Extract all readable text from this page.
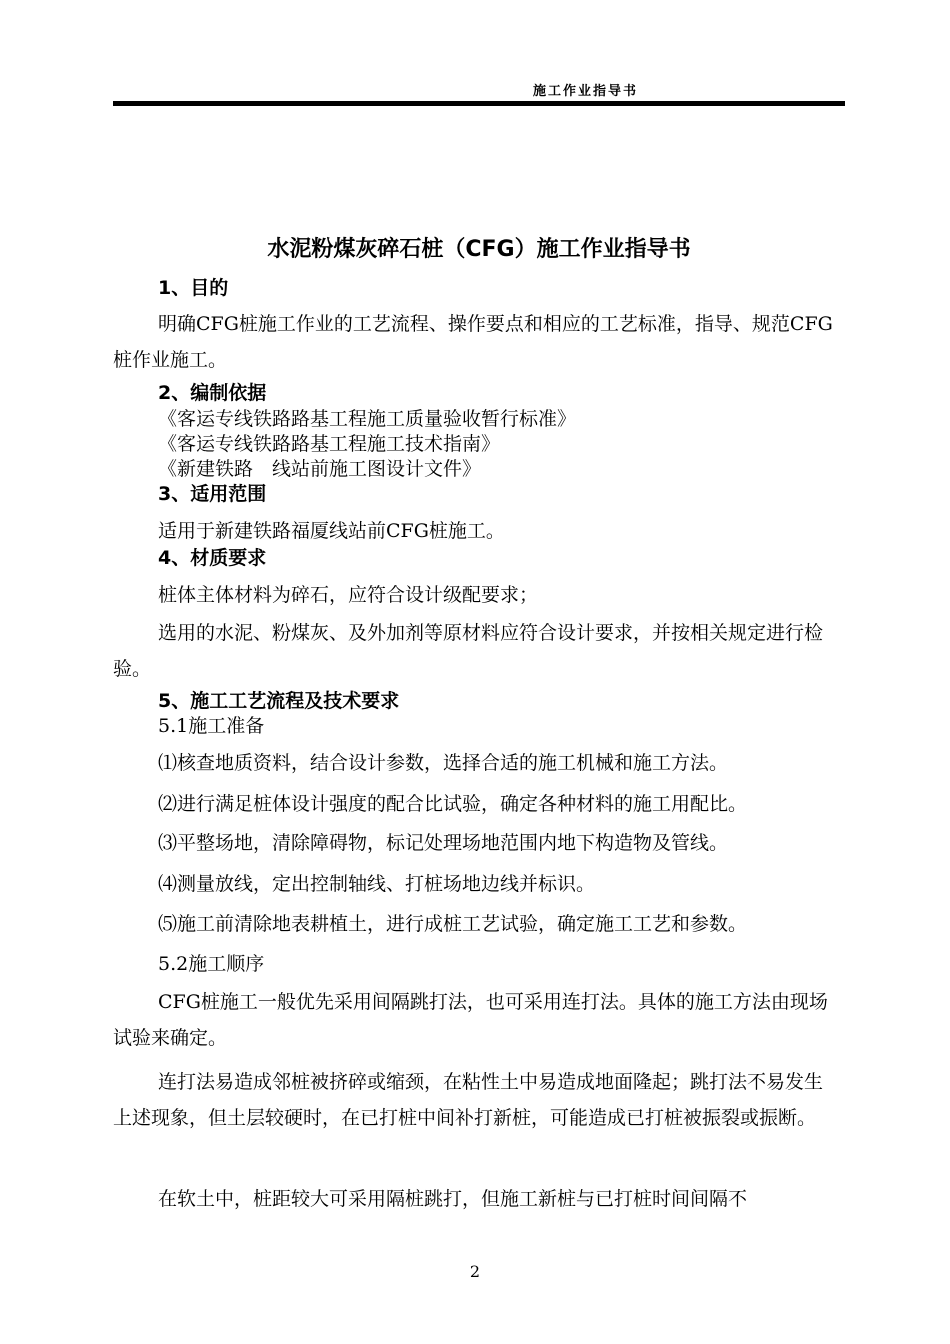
施工作业指导书
水泥粉煤灰碎石桩（CFG）施工作业指导书
1、目的
明确CFG桩施工作业的工艺流程、操作要点和相应的工艺标准，指导、规范CFG桩作业施工。
2、编制依据
《客运专线铁路路基工程施工质量验收暂行标准》
《客运专线铁路路基工程施工技术指南》
《新建铁路　线站前施工图设计文件》
3、适用范围
适用于新建铁路福厦线站前CFG桩施工。
4、材质要求
桩体主体材料为碎石，应符合设计级配要求；
选用的水泥、粉煤灰、及外加剂等原材料应符合设计要求，并按相关规定进行检验。
5、施工工艺流程及技术要求
5.1施工准备
⑴核查地质资料，结合设计参数，选择合适的施工机械和施工方法。
⑵进行满足桩体设计强度的配合比试验，确定各种材料的施工用配比。
⑶平整场地，清除障碍物，标记处理场地范围内地下构造物及管线。
⑷测量放线，定出控制轴线、打桩场地边线并标识。
⑸施工前清除地表耕植土，进行成桩工艺试验，确定施工工艺和参数。
5.2施工顺序
CFG桩施工一般优先采用间隔跳打法，也可采用连打法。具体的施工方法由现场试验来确定。
连打法易造成邻桩被挤碎或缩颈，在粘性土中易造成地面隆起；跳打法不易发生上述现象，但土层较硬时，在已打桩中间补打新桩，可能造成已打桩被振裂或振断。
在软土中，桩距较大可采用隔桩跳打，但施工新桩与已打桩时间间隔不
2
